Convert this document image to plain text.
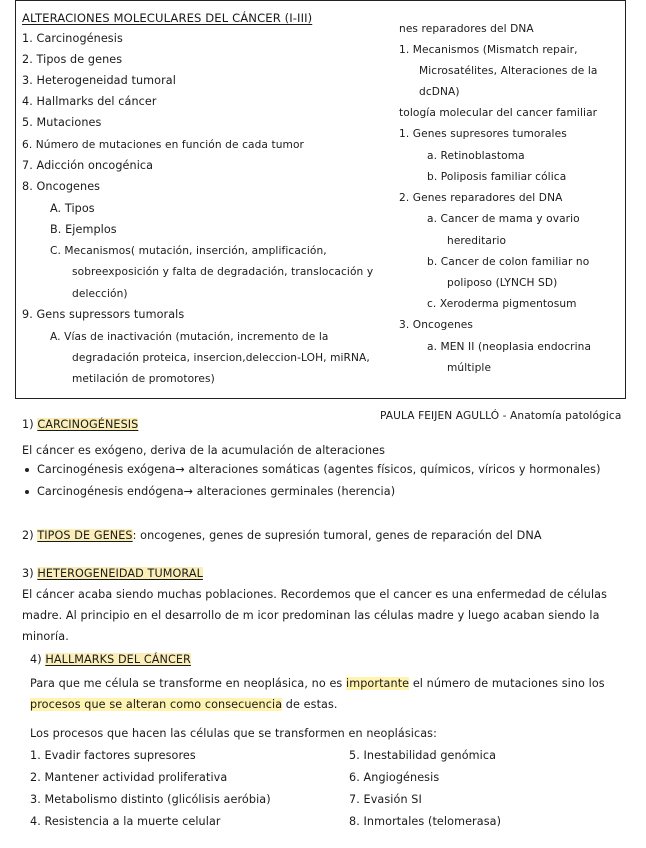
ALTERACIONES MOLECULARES DEL CÁNCER (I-III)
1. Carcinogénesis
2. Tipos de genes
3. Heterogeneidad tumoral
4. Hallmarks del cáncer
5. Mutaciones
6. Número de mutaciones en función de cada tumor
7. Adicción oncogénica
8. Oncogenes
A. Tipos
B. Ejemplos
C. Mecanismos( mutación, inserción, amplificación,
sobreexposición y falta de degradación, translocación y
delección)
9. Gens supressors tumorals
A. Vías de inactivación (mutación, incremento de la
degradación proteica, insercion,deleccion-LOH, miRNA,
metilación de promotores)
nes reparadores del DNA
1. Mecanismos (Mismatch repair,
Microsatélites, Alteraciones de la
dcDNA)
tología molecular del cancer familiar
1. Genes supresores tumorales
a. Retinoblastoma
b. Poliposis familiar cólica
2. Genes reparadores del DNA
a. Cancer de mama y ovario
hereditario
b. Cancer de colon familiar no
poliposo (LYNCH SD)
c. Xeroderma pigmentosum
3. Oncogenes
a. MEN II (neoplasia endocrina
múltiple
PAULA FEIJEN AGULLÓ - Anatomía patológica
1) CARCINOGÉNESIS
El cáncer es exógeno, deriva de la acumulación de alteraciones
Carcinogénesis exógena→ alteraciones somáticas (agentes físicos, químicos, víricos y hormonales)
Carcinogénesis endógena→ alteraciones germinales (herencia)
2) TIPOS DE GENES: oncogenes, genes de supresión tumoral, genes de reparación del DNA
3) HETEROGENEIDAD TUMORAL
El cáncer acaba siendo muchas poblaciones. Recordemos que el cancer es una enfermedad de células
madre. Al principio en el desarrollo de m icor predominan las células madre y luego acaban siendo la
minoría.
4) HALLMARKS DEL CÁNCER
Para que me célula se transforme en neoplásica, no es importante el número de mutaciones sino los
procesos que se alteran como consecuencia de estas.
Los procesos que hacen las células que se transformen en neoplásicas:
1. Evadir factores supresores
2. Mantener actividad proliferativa
3. Metabolismo distinto (glicólisis aeróbia)
4. Resistencia a la muerte celular
5. Inestabilidad genómica
6. Angiogénesis
7. Evasión SI
8. Inmortales (telomerasa)
